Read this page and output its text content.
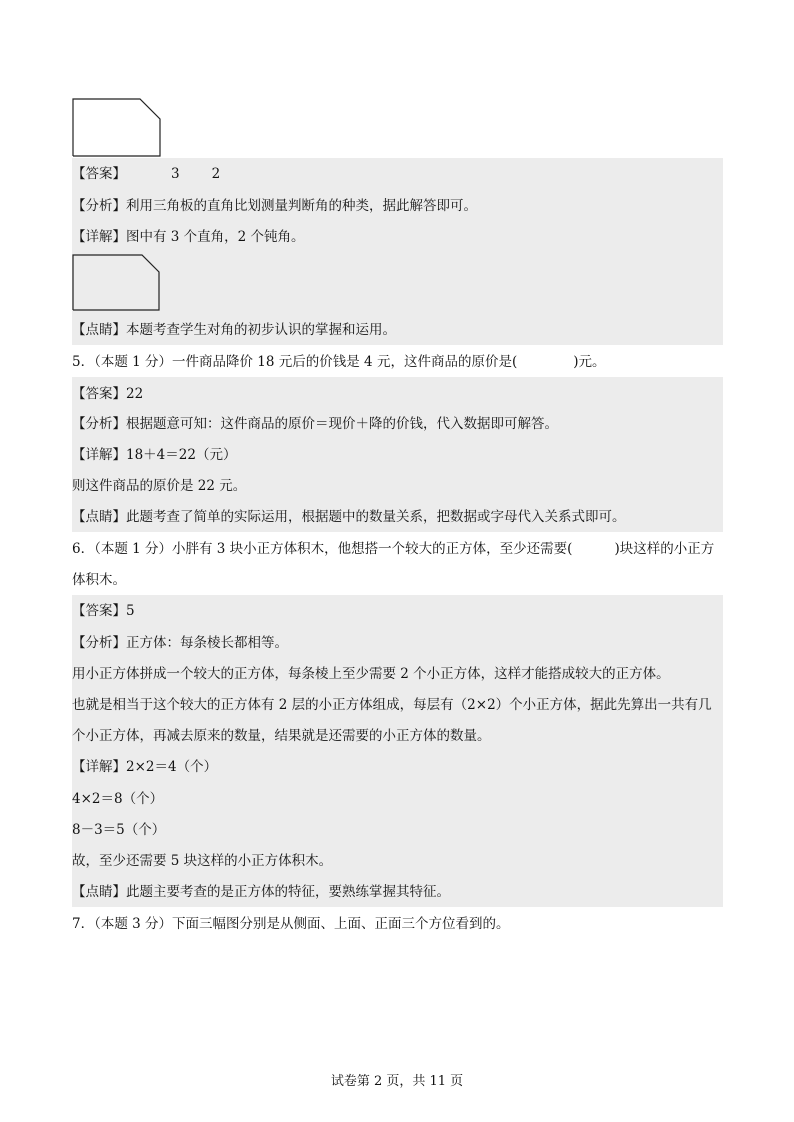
【答案】	3 2
【分析】利用三角板的直角比划测量判断角的种类，据此解答即可。
【详解】图中有 3 个直角，2 个钝角。
【点睛】本题考查学生对角的初步认识的掌握和运用。
5．（本题 1 分）一件商品降价 18 元后的价钱是 4 元，这件商品的原价是(	)元。
【答案】22
【分析】根据题意可知：这件商品的原价＝现价＋降的价钱，代入数据即可解答。
【详解】18＋4＝22（元）
则这件商品的原价是 22 元。
【点睛】此题考查了简单的实际运用，根据题中的数量关系，把数据或字母代入关系式即可。
6．（本题 1 分）小胖有 3 块小正方体积木，他想搭一个较大的正方体，至少还需要(	)块这样的小正方
体积木。
【答案】5
【分析】正方体：每条棱长都相等。
用小正方体拼成一个较大的正方体，每条棱上至少需要 2 个小正方体，这样才能搭成较大的正方体。
也就是相当于这个较大的正方体有 2 层的小正方体组成，每层有（2×2）个小正方体，据此先算出一共有几
个小正方体，再减去原来的数量，结果就是还需要的小正方体的数量。
【详解】2×2＝4（个）
4×2＝8（个）
8－3＝5（个）
故，至少还需要 5 块这样的小正方体积木。
【点睛】此题主要考查的是正方体的特征，要熟练掌握其特征。
7．（本题 3 分）下面三幅图分别是从侧面、上面、正面三个方位看到的。
试卷第 2 页，共 11 页
